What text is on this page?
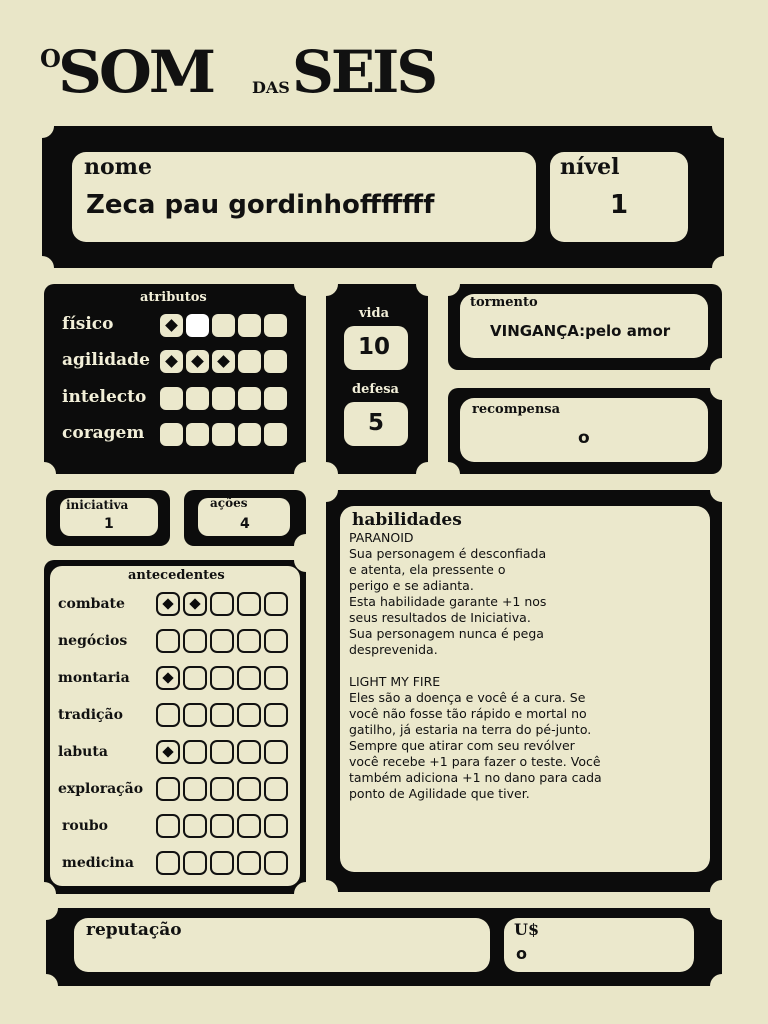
O
SOM DAS SEIS
nome
Zeca pau gordinhofffffff
nível
1
atributos
físico
agilidade
intelecto
coragem
vida
10
defesa
5
tormento
VINGANÇA:pelo amor
recompensa
o
iniciativa
1
ações
4
antecedentes
combate
negócios
montaria
tradição
labuta
exploração
roubo
medicina
habilidades
PARANOID
Sua personagem é desconfiada
e atenta, ela pressente o
perigo e se adianta.
Esta habilidade garante +1 nos
seus resultados de Iniciativa.
Sua personagem nunca é pega
desprevenida.

LIGHT MY FIRE
Eles são a doença e você é a cura. Se
você não fosse tão rápido e mortal no
gatilho, já estaria na terra do pé-junto.
Sempre que atirar com seu revólver
você recebe +1 para fazer o teste. Você
também adiciona +1 no dano para cada
ponto de Agilidade que tiver.
reputação	U$
o
